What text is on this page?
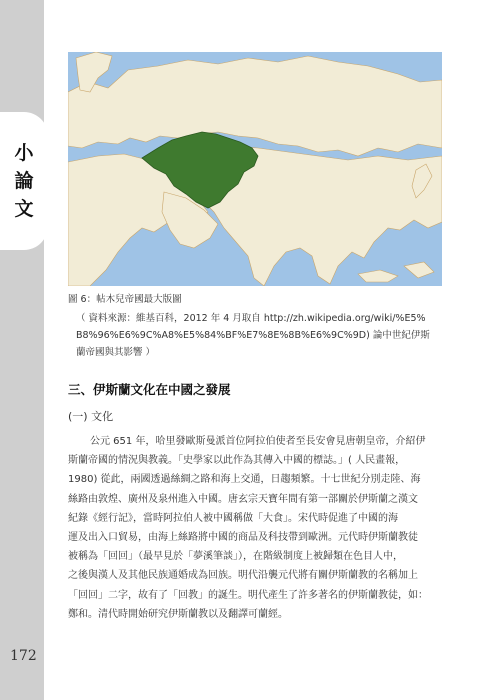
小
論
文
172
圖 6：帖木兒帝國最大版圖
（ 資料來源：維基百科，2012 年 4 月取自 http://zh.wikipedia.org/wiki/%E5%
B8%96%E6%9C%A8%E5%84%BF%E7%8E%8B%E6%9C%9D) 論中世紀伊斯
蘭帝國與其影響 ）
三、伊斯蘭文化在中國之發展
(一) 文化
公元 651 年，哈里發歐斯曼派首位阿拉伯使者至長安會見唐朝皇帝，介紹伊
斯蘭帝國的情況與教義。「史學家以此作為其傳入中國的標誌。」( 人民畫報，
1980) 從此，兩國透過絲綢之路和海上交通，日趨頻繁。十七世紀分別走陸、海
絲路由敦煌、廣州及泉州進入中國。唐玄宗天寶年間有第一部關於伊斯蘭之漢文
紀錄《經行記》，當時阿拉伯人被中國稱做「大食」。宋代時促進了中國的海
運及出入口貿易，由海上絲路將中國的商品及科技帶到歐洲。元代時伊斯蘭教徒
被稱為「回回」（最早見於「夢溪筆談」），在階級制度上被歸類在色目人中，
之後與漢人及其他民族通婚成為回族。明代沿襲元代將有關伊斯蘭教的名稱加上
「回回」二字，故有了「回教」的誕生。明代產生了許多著名的伊斯蘭教徒，如：
鄭和。清代時開始研究伊斯蘭教以及翻譯可蘭經。
